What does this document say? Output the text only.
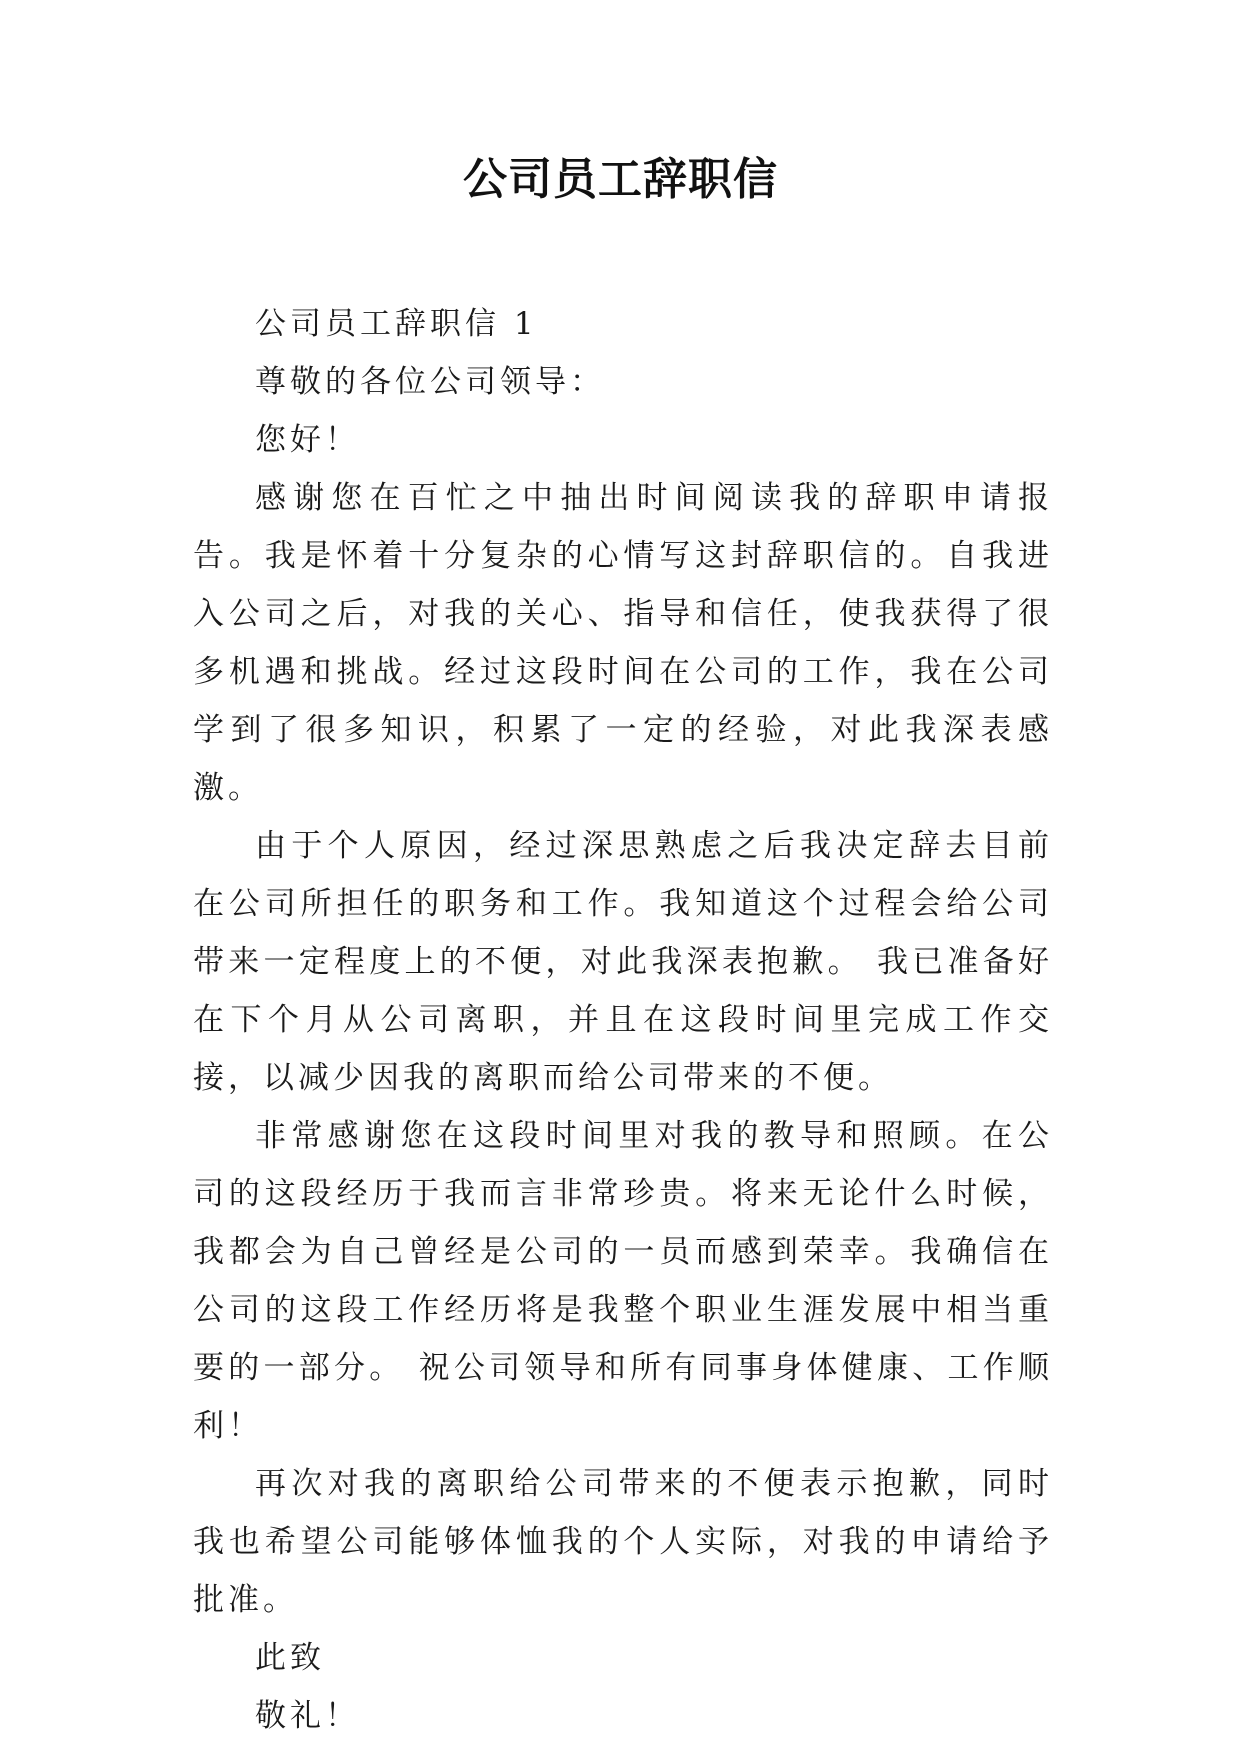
公司员工辞职信

公司员工辞职信 1

尊敬的各位公司领导：

您好！

感谢您在百忙之中抽出时间阅读我的辞职申请报告。我是怀着十分复杂的心情写这封辞职信的。自我进入公司之后，对我的关心、指导和信任，使我获得了很多机遇和挑战。经过这段时间在公司的工作，我在公司学到了很多知识，积累了一定的经验，对此我深表感激。

由于个人原因，经过深思熟虑之后我决定辞去目前在公司所担任的职务和工作。我知道这个过程会给公司带来一定程度上的不便，对此我深表抱歉。 我已准备好在下个月从公司离职，并且在这段时间里完成工作交接，以减少因我的离职而给公司带来的不便。

非常感谢您在这段时间里对我的教导和照顾。在公司的这段经历于我而言非常珍贵。将来无论什么时候，我都会为自己曾经是公司的一员而感到荣幸。我确信在公司的这段工作经历将是我整个职业生涯发展中相当重要的一部分。 祝公司领导和所有同事身体健康、工作顺利！

再次对我的离职给公司带来的不便表示抱歉，同时我也希望公司能够体恤我的个人实际，对我的申请给予批准。

此致

敬礼！
